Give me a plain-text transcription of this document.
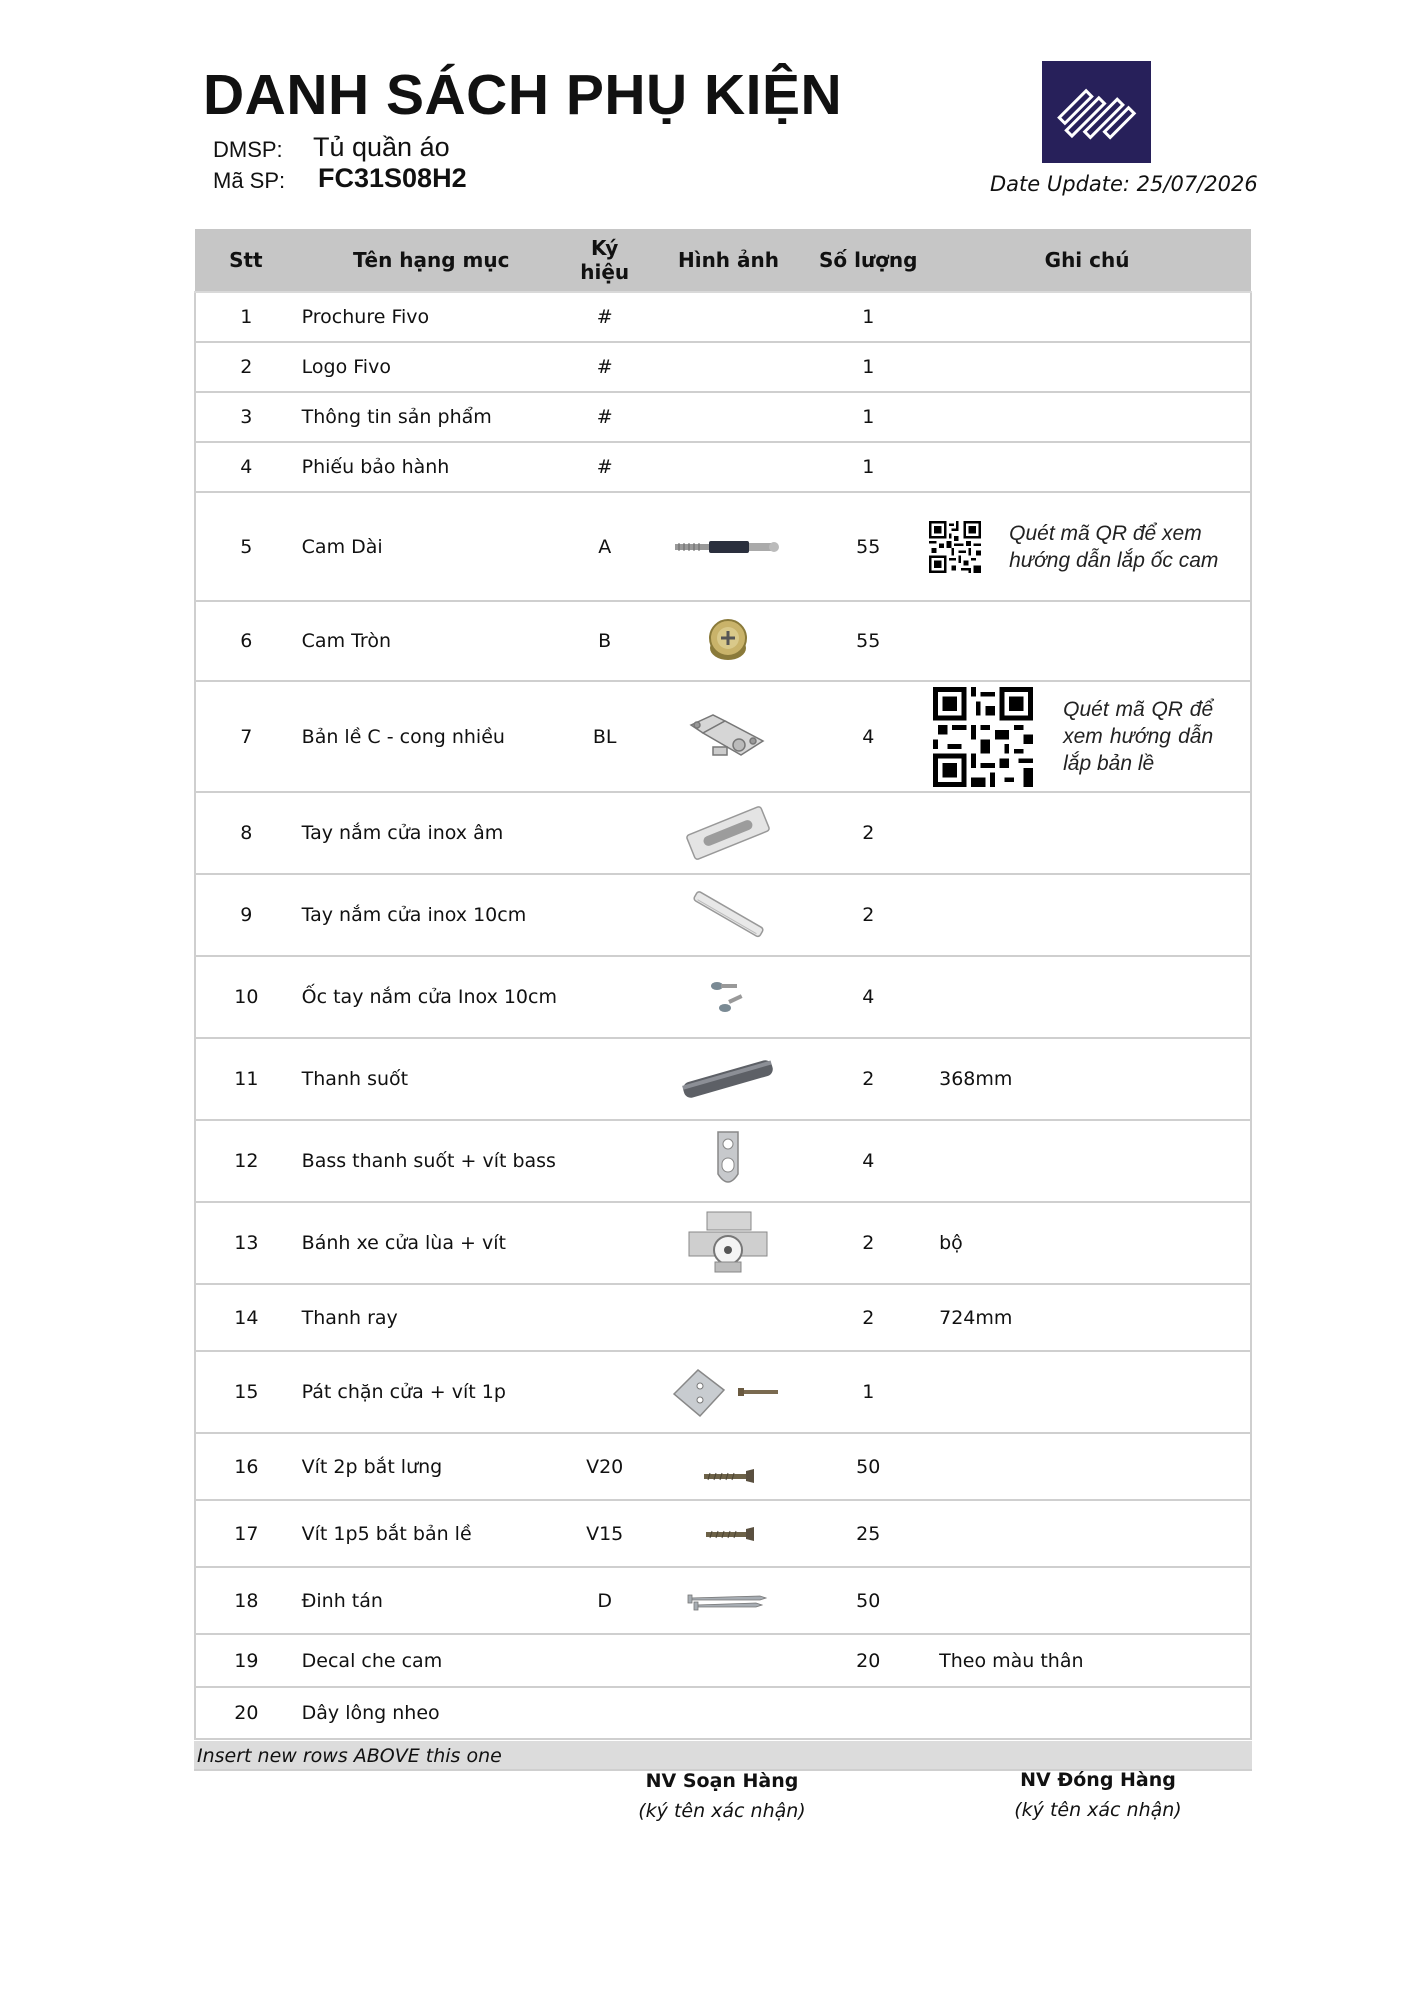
DANH SÁCH PHỤ KIỆN
DMSP: Tủ quần áo
Mã SP: FC31S08H2	Date Update: 25/07/2026
Stt	Tên hạng mục	Ký hiệu	Hình ảnh	Số lượng	Ghi chú
1	Prochure Fivo	#		1	
2	Logo Fivo	#		1	
3	Thông tin sản phẩm	#		1	
4	Phiếu bảo hành	#		1	
5	Cam Dài	A		55	Quét mã QR để xem hướng dẫn lắp ốc cam

6	Cam Tròn	B		55	
7	Bản lề C - cong nhiều	BL		4	Quét mã QR để xem hướng dẫn lắp bản lề

8	Tay nắm cửa inox âm			2	
9	Tay nắm cửa inox 10cm			2	
10	Ốc tay nắm cửa Inox 10cm			4	
11	Thanh suốt			2	368mm
12	Bass thanh suốt + vít bass			4	
13	Bánh xe cửa lùa + vít			2	bộ
14	Thanh ray			2	724mm
15	Pát chặn cửa + vít 1p			1	
16	Vít 2p bắt lưng	V20		50	
17	Vít 1p5 bắt bản lề	V15		25	
18	Đinh tán	D		50	
19	Decal che cam			20	Theo màu thân
20	Dây lông nheo				
Insert new rows ABOVE this one
NV Soạn Hàng
(ký tên xác nhận)
NV Đóng Hàng
(ký tên xác nhận)
